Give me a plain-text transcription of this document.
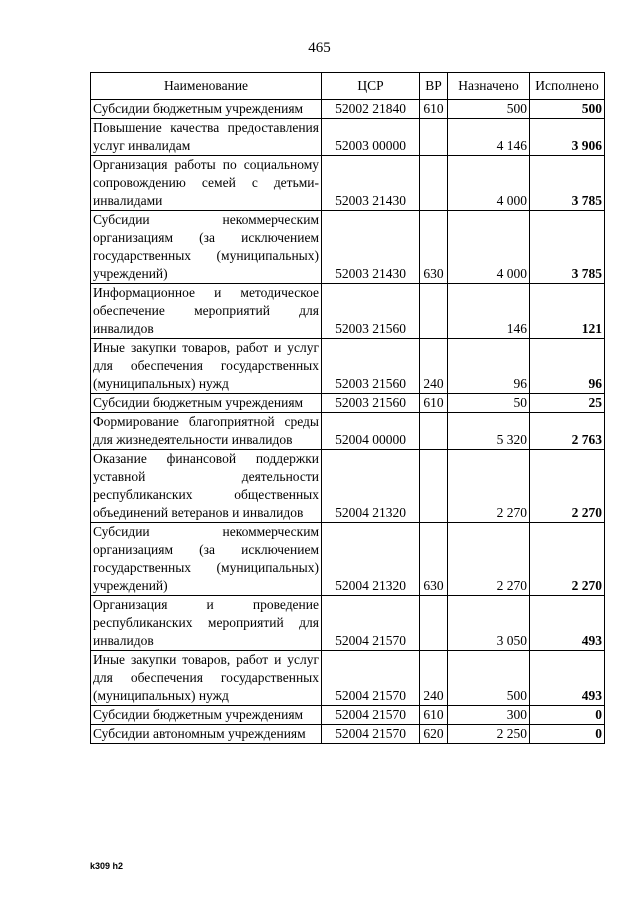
465
Наименование	ЦСР	ВР	Назначено	Исполнено
Субсидии бюджетным учреждениям	52002 21840	610	500	500
Повышение качества предоставления услуг инвалидам	52003 00000		4 146	3 906
Организация работы по социальному сопровождению семей с детьми-инвалидами	52003 21430		4 000	3 785
Субсидии некоммерческим организациям (за исключением государственных (муниципальных) учреждений)	52003 21430	630	4 000	3 785
Информационное и методическое обеспечение мероприятий для инвалидов	52003 21560		146	121
Иные закупки товаров, работ и услуг для обеспечения государственных (муниципальных) нужд	52003 21560	240	96	96
Субсидии бюджетным учреждениям	52003 21560	610	50	25
Формирование благоприятной среды для жизнедеятельности инвалидов	52004 00000		5 320	2 763
Оказание финансовой поддержки уставной деятельности республиканских общественных объединений ветеранов и инвалидов	52004 21320		2 270	2 270
Субсидии некоммерческим организациям (за исключением государственных (муниципальных) учреждений)	52004 21320	630	2 270	2 270
Организация и проведение республиканских мероприятий для инвалидов	52004 21570		3 050	493
Иные закупки товаров, работ и услуг для обеспечения государственных (муниципальных) нужд	52004 21570	240	500	493
Субсидии бюджетным учреждениям	52004 21570	610	300	0
Субсидии автономным учреждениям	52004 21570	620	2 250	0
k309 h2
